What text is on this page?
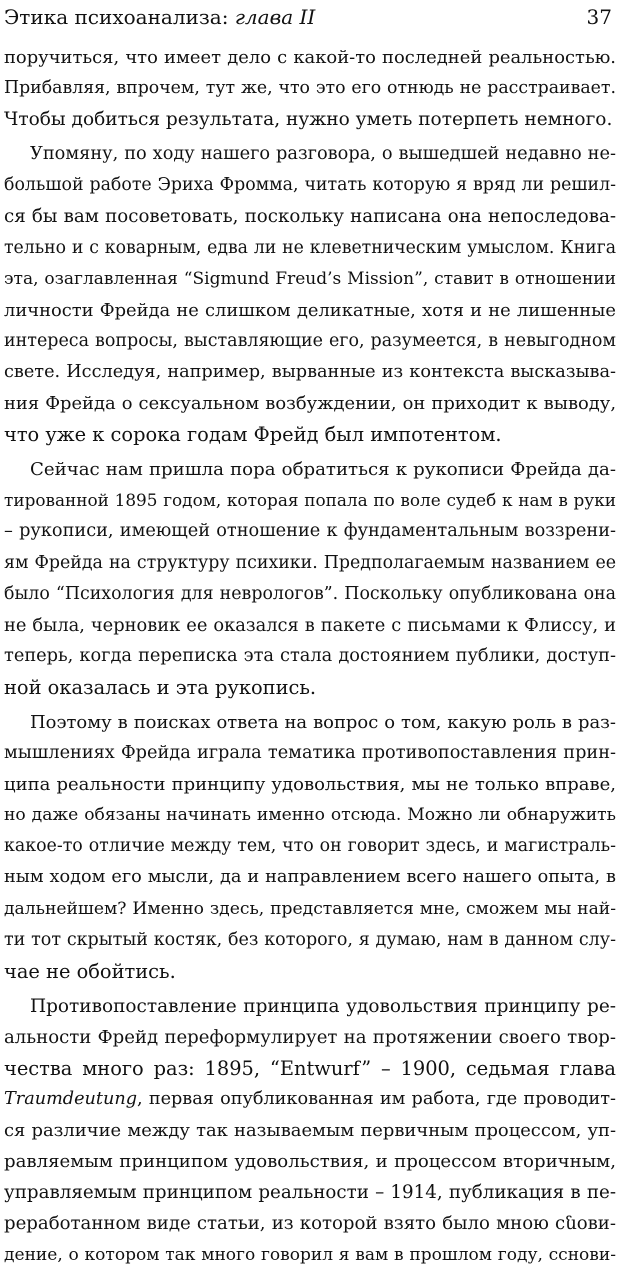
Этика психоанализа: глава II	37
поручиться, что имеет дело с какой-то последней реальностью.
Прибавляя, впрочем, тут же, что это его отнюдь не расстраивает.
Чтобы добиться результата, нужно уметь потерпеть немного.
Упомяну, по ходу нашего разговора, о вышедшей недавно не-
большой работе Эриха Фромма, читать которую я вряд ли решил-
ся бы вам посоветовать, поскольку написана она непоследова-
тельно и с коварным, едва ли не клеветническим умыслом. Книга
эта, озаглавленная “Sigmund Freud’s Mission”, ставит в отношении
личности Фрейда не слишком деликатные, хотя и не лишенные
интереса вопросы, выставляющие его, разумеется, в невыгодном
свете. Исследуя, например, вырванные из контекста высказыва-
ния Фрейда о сексуальном возбуждении, он приходит к выводу,
что уже к сорока годам Фрейд был импотентом.
Сейчас нам пришла пора обратиться к рукописи Фрейда да-
тированной 1895 годом, которая попала по воле судеб к нам в руки
– рукописи, имеющей отношение к фундаментальным воззрени-
ям Фрейда на структуру психики. Предполагаемым названием ее
было “Психология для неврологов”. Поскольку опубликована она
не была, черновик ее оказался в пакете с письмами к Флиссу, и
теперь, когда переписка эта стала достоянием публики, доступ-
ной оказалась и эта рукопись.
Поэтому в поисках ответа на вопрос о том, какую роль в раз-
мышлениях Фрейда играла тематика противопоставления прин-
ципа реальности принципу удовольствия, мы не только вправе,
но даже обязаны начинать именно отсюда. Можно ли обнаружить
какое-то отличие между тем, что он говорит здесь, и магистраль-
ным ходом его мысли, да и направлением всего нашего опыта, в
дальнейшем? Именно здесь, представляется мне, сможем мы най-
ти тот скрытый костяк, без которого, я думаю, нам в данном слу-
чае не обойтись.
Противопоставление принципа удовольствия принципу ре-
альности Фрейд переформулирует на протяжении своего твор-
чества много раз: 1895, “Entwurf” – 1900, седьмая глава
Traumdeutung, первая опубликованная им работа, где проводит-
ся различие между так называемым первичным процессом, уп-
равляемым принципом удовольствия, и процессом вторичным,
управляемым принципом реальности – 1914, публикация в пе-
реработанном виде статьи, из которой взято было мною сնови-
дение, о котором так много говорил я вам в прошлом году, сснови-
